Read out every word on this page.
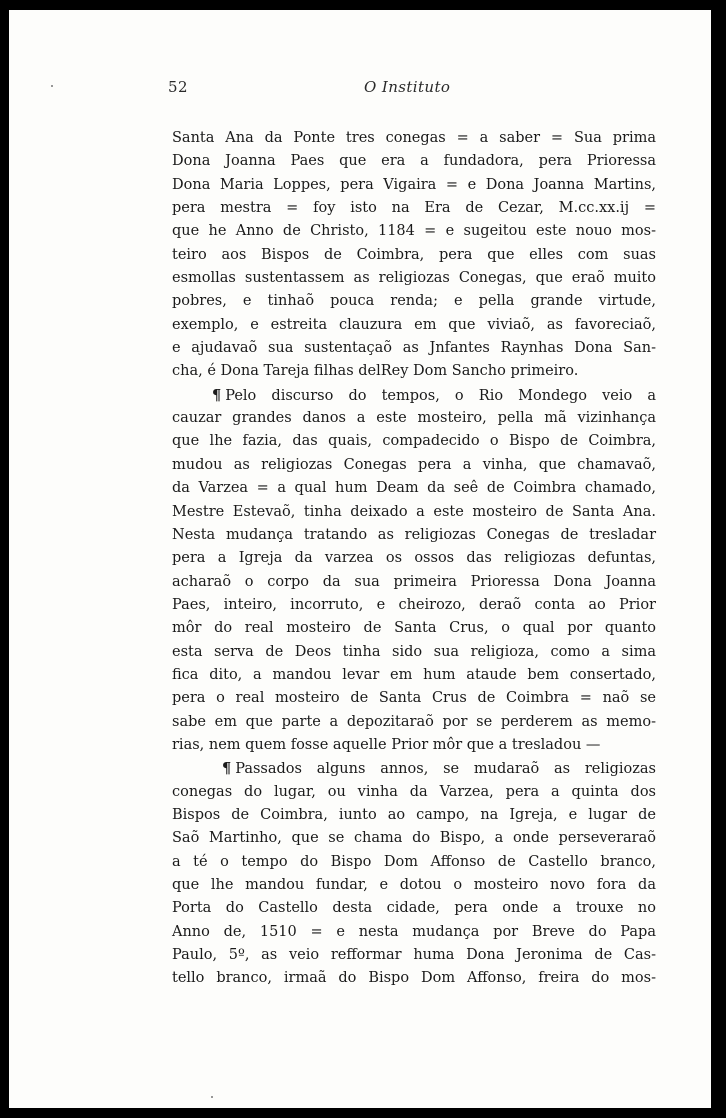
52	O Instituto
Santa Ana da Ponte tres conegas = a saber = Sua prima
Dona Joanna Paes que era a fundadora, pera Prioressa
Dona Maria Loppes, pera Vigaira = e Dona Joanna Martins,
pera mestra = foy isto na Era de Cezar, M.cc.xx.ij =
que he Anno de Christo, 1184 = e sugeitou este nouo mos-
teiro aos Bispos de Coimbra, pera que elles com suas
esmollas sustentassem as religiozas Conegas, que eraõ muito
pobres, e tinhaõ pouca renda; e pella grande virtude,
exemplo, e estreita clauzura em que viviaõ, as favoreciaõ,
e ajudavaõ sua sustentaçaõ as Jnfantes Raynhas Dona San-
cha, é Dona Tareja filhas delRey Dom Sancho primeiro.
¶ Pelo discurso do tempos, o Rio Mondego veio a
cauzar grandes danos a este mosteiro, pella mã vizinhança
que lhe fazia, das quais, compadecido o Bispo de Coimbra,
mudou as religiozas Conegas pera a vinha, que chamavaõ,
da Varzea = a qual hum Deam da seê de Coimbra chamado,
Mestre Estevaõ, tinha deixado a este mosteiro de Santa Ana.
Nesta mudança tratando as religiozas Conegas de tresladar
pera a Igreja da varzea os ossos das religiozas defuntas,
acharaõ o corpo da sua primeira Prioressa Dona Joanna
Paes, inteiro, incorruto, e cheirozo, deraõ conta ao Prior
môr do real mosteiro de Santa Crus, o qual por quanto
esta serva de Deos tinha sido sua religioza, como a sima
fica dito, a mandou levar em hum ataude bem consertado,
pera o real mosteiro de Santa Crus de Coimbra = naõ se
sabe em que parte a depozitaraõ por se perderem as memo-
rias, nem quem fosse aquelle Prior môr que a tresladou —
¶ Passados alguns annos, se mudaraõ as religiozas
conegas do lugar, ou vinha da Varzea, pera a quinta dos
Bispos de Coimbra, iunto ao campo, na Igreja, e lugar de
Saõ Martinho, que se chama do Bispo, a onde perseveraraõ
a té o tempo do Bispo Dom Affonso de Castello branco,
que lhe mandou fundar, e dotou o mosteiro novo fora da
Porta do Castello desta cidade, pera onde a trouxe no
Anno de, 1510 = e nesta mudança por Breve do Papa
Paulo, 5º, as veio refformar huma Dona Jeronima de Cas-
tello branco, irmaã do Bispo Dom Affonso, freira do mos-
